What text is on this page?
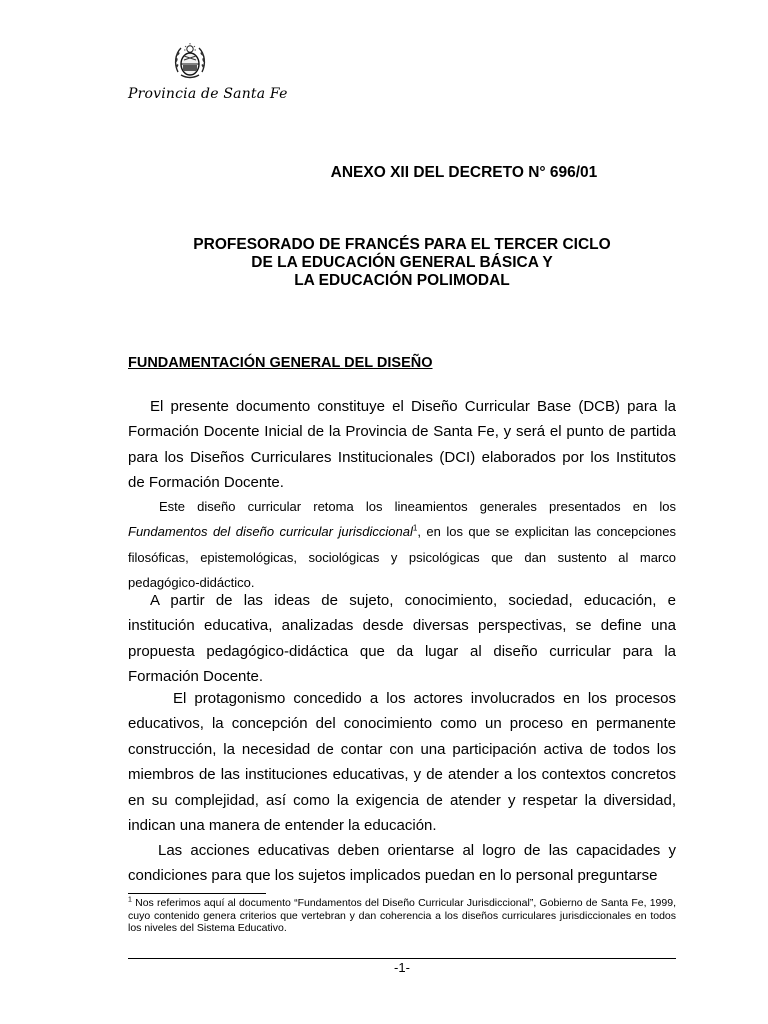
Provincia de Santa Fe
ANEXO XII DEL DECRETO N° 696/01
PROFESORADO DE FRANCÉS PARA EL TERCER CICLO
DE LA EDUCACIÓN GENERAL BÁSICA Y
LA EDUCACIÓN POLIMODAL
FUNDAMENTACIÓN GENERAL DEL DISEÑO

El presente documento constituye el Diseño Curricular Base (DCB) para la Formación Docente Inicial de la Provincia de Santa Fe, y será el punto de partida para los Diseños Curriculares Institucionales (DCI) elaborados por los Institutos de Formación Docente.

Este diseño curricular retoma los lineamientos generales presentados en los Fundamentos del diseño curricular jurisdiccional$^1$, en los que se explicitan las concepciones filosóficas, epistemológicas, sociológicas y psicológicas que dan sustento al marco pedagógico-didáctico.

A partir de las ideas de sujeto, conocimiento, sociedad, educación, e institución educativa, analizadas desde diversas perspectivas, se define una propuesta pedagógico-didáctica que da lugar al diseño curricular para la Formación Docente.

El protagonismo concedido a los actores involucrados en los procesos educativos, la concepción del conocimiento como un proceso en permanente construcción, la necesidad de contar con una participación activa de todos los miembros de las instituciones educativas, y de atender a los contextos concretos en su complejidad, así como la exigencia de atender y respetar la diversidad, indican una manera de entender la educación.

Las acciones educativas deben orientarse al logro de las capacidades y condiciones para que los sujetos implicados puedan en lo personal preguntarse

$^1$ Nos referimos aquí al documento “Fundamentos del Diseño Curricular Jurisdiccional”, Gobierno de Santa Fe, 1999, cuyo contenido genera criterios que vertebran y dan coherencia a los diseños curriculares jurisdiccionales en todos los niveles del Sistema Educativo.

-1-
